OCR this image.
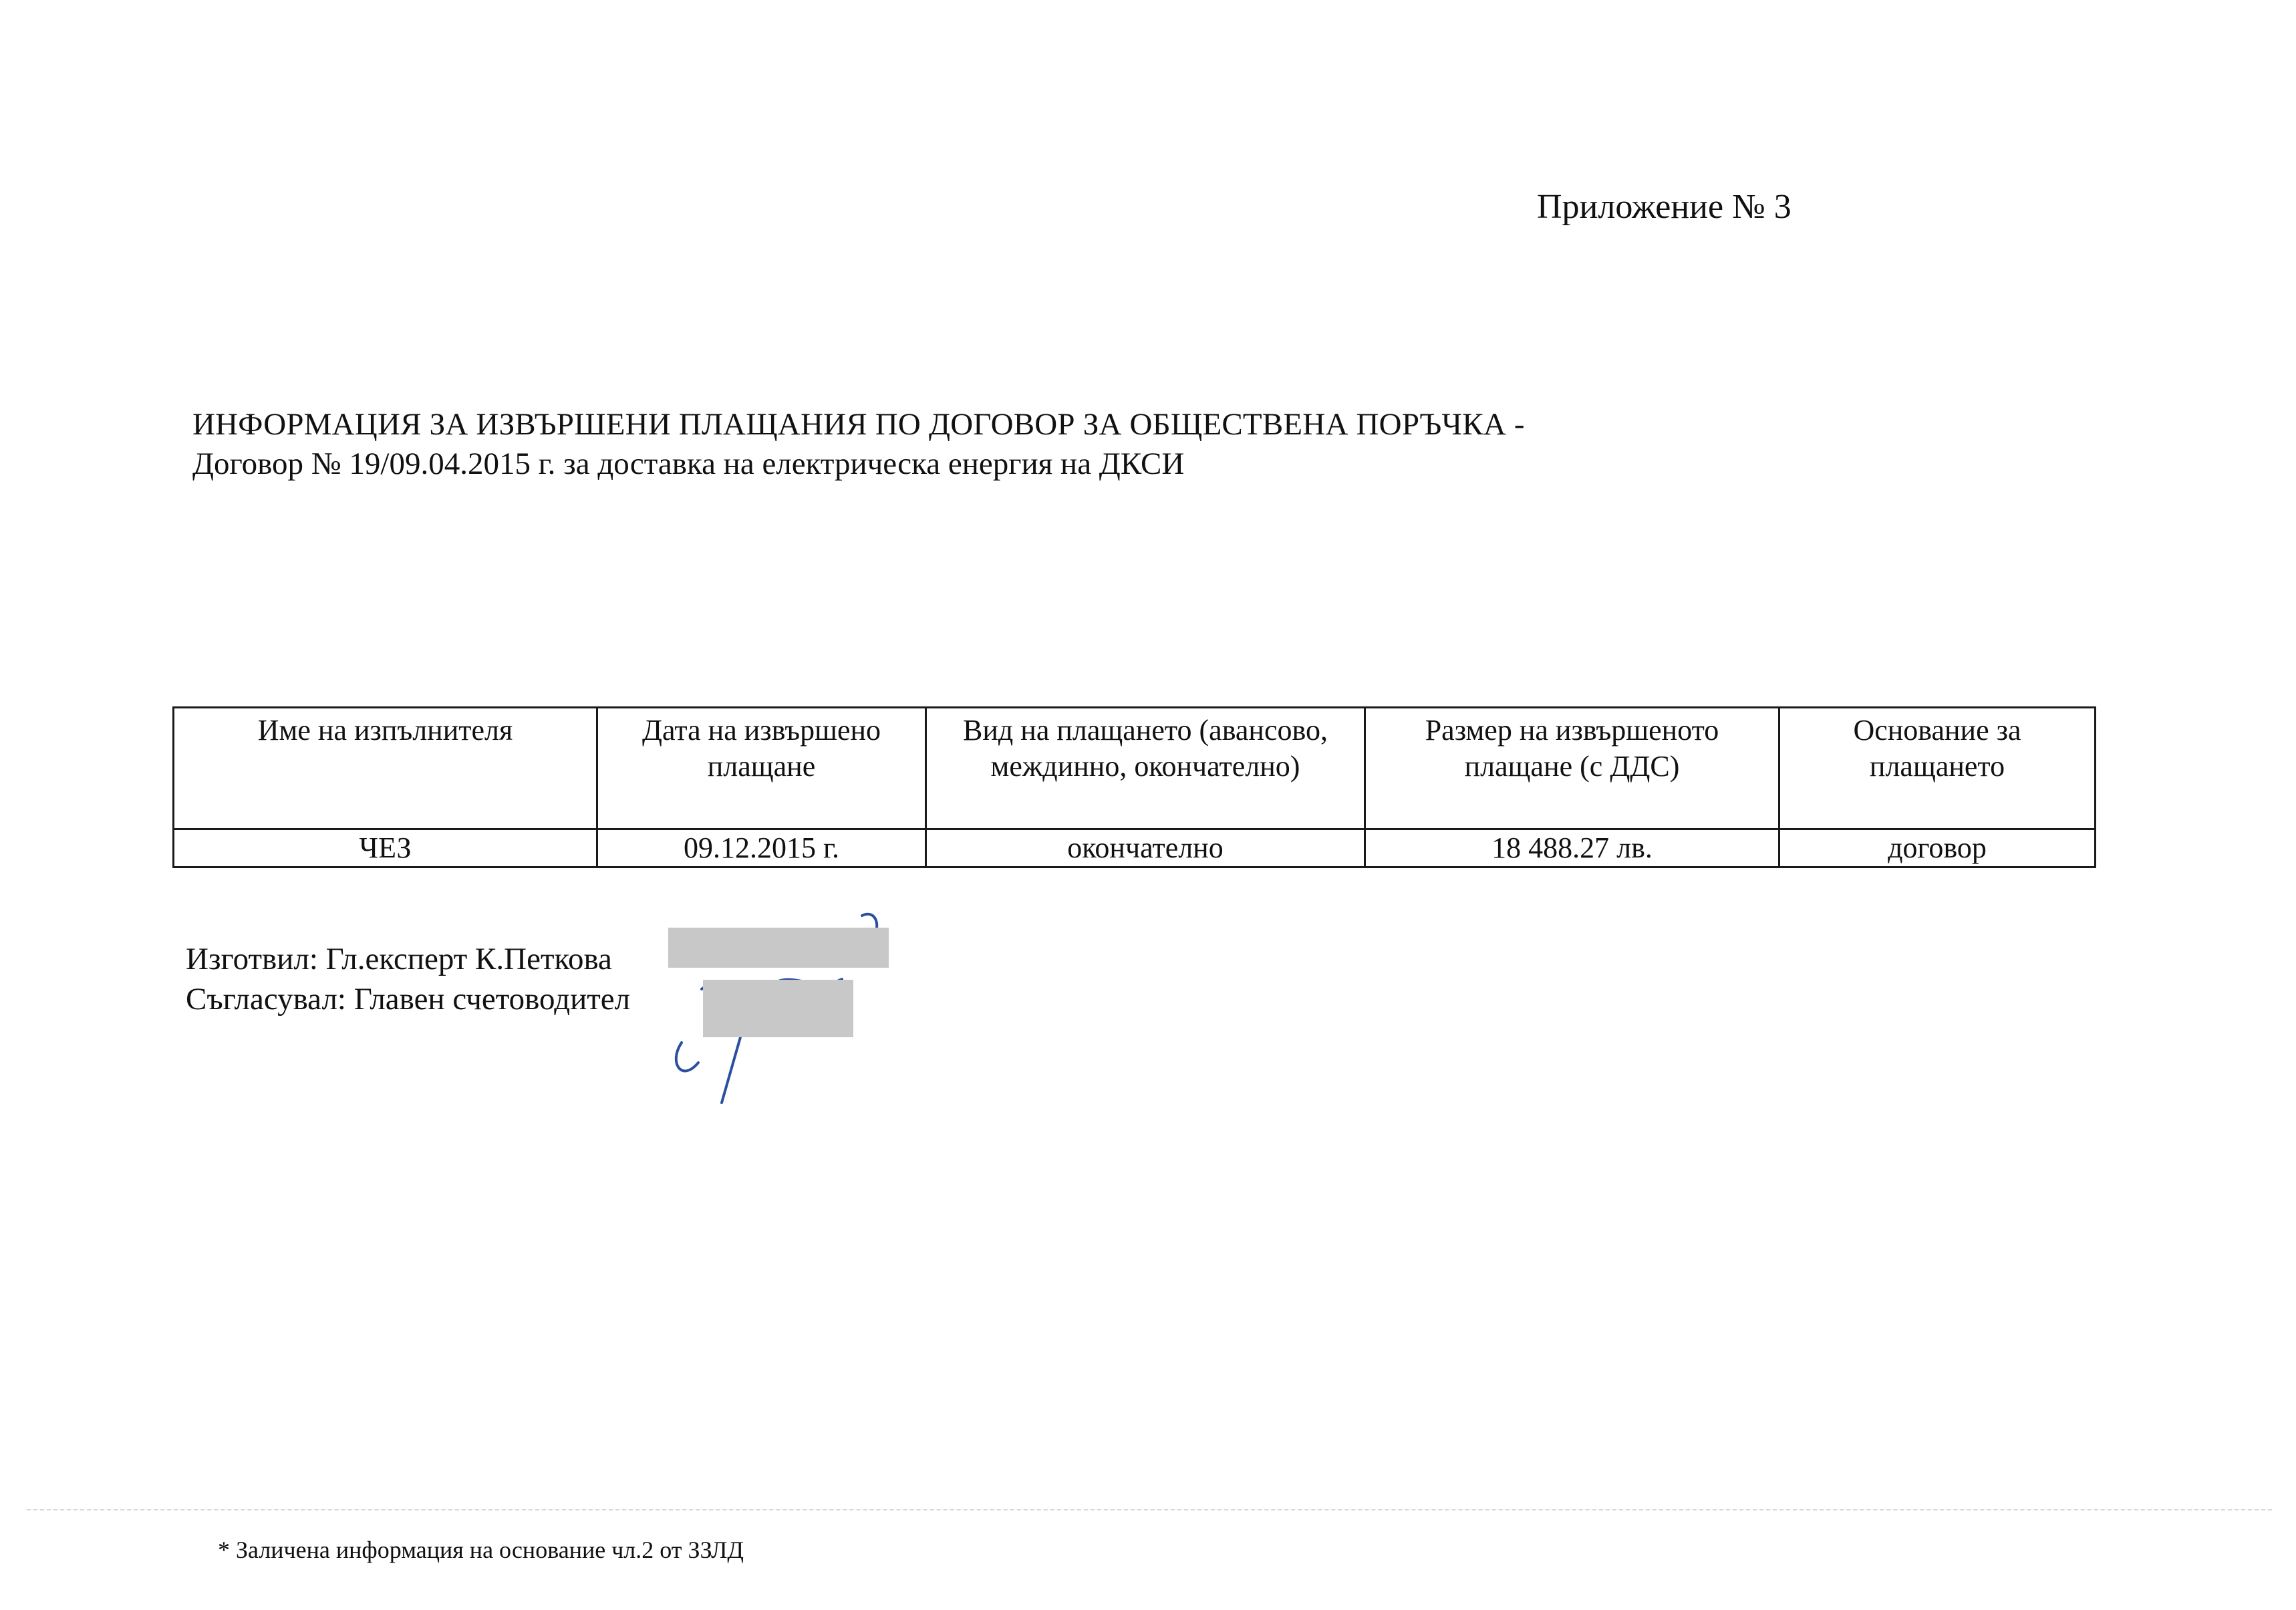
Приложение № 3
ИНФОРМАЦИЯ ЗА ИЗВЪРШЕНИ ПЛАЩАНИЯ ПО ДОГОВОР ЗА ОБЩЕСТВЕНА ПОРЪЧКА -
Договор № 19/09.04.2015 г. за доставка на електрическа енергия на ДКСИ
Име на изпълнителя	Дата на извършено плащане	Вид на плащането (авансово, междинно, окончателно)	Размер на извършеното плащане (с ДДС)	Основание за плащането
ЧЕЗ	09.12.2015 г.	окончателно	18 488.27 лв.	договор
Изготвил: Гл.експерт К.Петкова
Съгласувал: Главен счетоводител
* Заличена информация на основание чл.2 от ЗЗЛД
